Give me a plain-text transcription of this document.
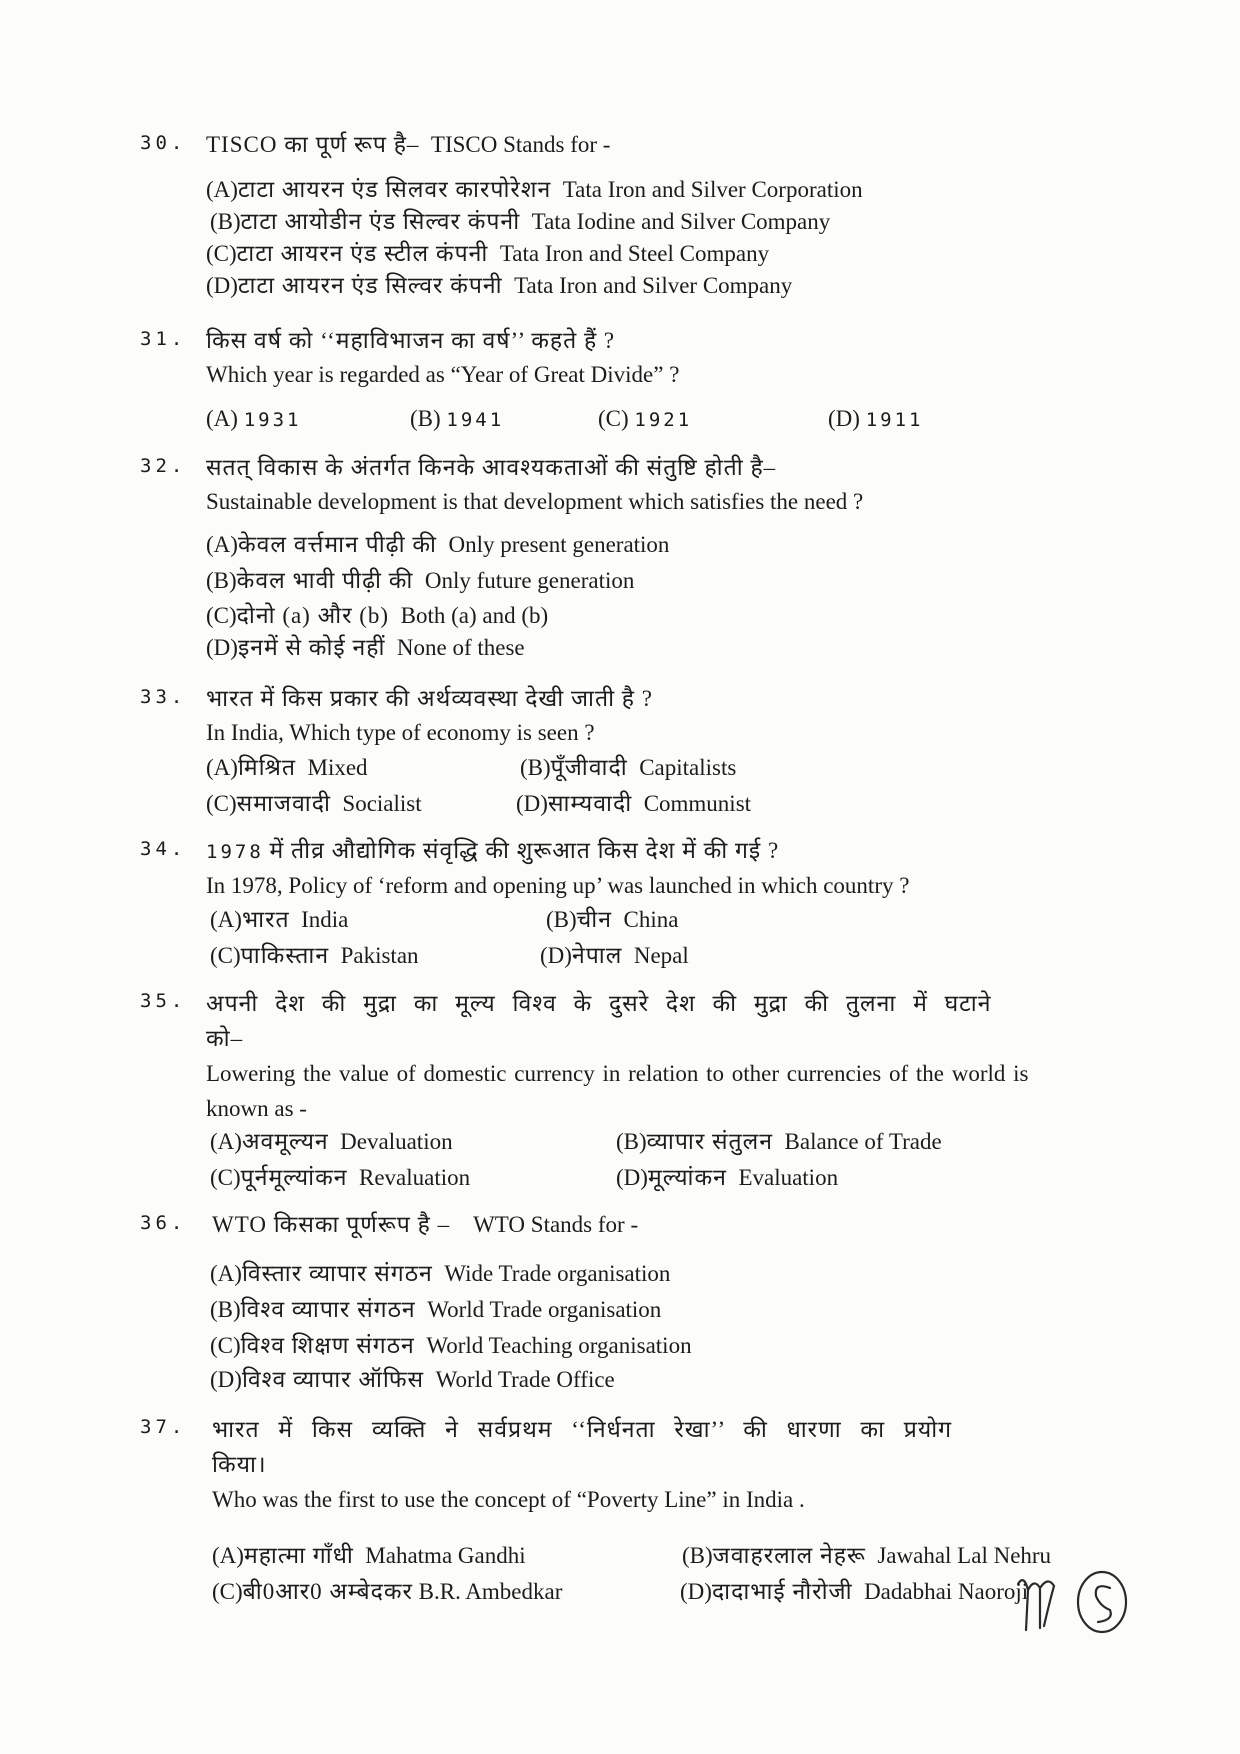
30. TISCO का पूर्ण रूप है– TISCO Stands for -
(A)टाटा आयरन एंड सिलवर कारपोरेशन Tata Iron and Silver Corporation
(B)टाटा आयोडीन एंड सिल्वर कंपनी Tata Iodine and Silver Company
(C)टाटा आयरन एंड स्टील कंपनी Tata Iron and Steel Company
(D)टाटा आयरन एंड सिल्वर कंपनी Tata Iron and Silver Company
31. किस वर्ष को ‘‘महाविभाजन का वर्ष’’ कहते हैं ?
Which year is regarded as “Year of Great Divide” ?
(A) 1931	(B) 1941	(C) 1921	(D) 1911
32. सतत् विकास के अंतर्गत किनके आवश्यकताओं की संतुष्टि होती है–
Sustainable development is that development which satisfies the need ?
(A)केवल वर्त्तमान पीढ़ी की Only present generation
(B)केवल भावी पीढ़ी की Only future generation
(C)दोनो (a) और (b) Both (a) and (b)
(D)इनमें से कोई नहीं None of these
33. भारत में किस प्रकार की अर्थव्यवस्था देखी जाती है ?
In India, Which type of economy is seen ?
(A)मिश्रित Mixed	(B)पूँजीवादी Capitalists
(C)समाजवादी Socialist	(D)साम्यवादी Communist
34. 1978 में तीव्र औद्योगिक संवृद्धि की शुरूआत किस देश में की गई ?
In 1978, Policy of ‘reform and opening up’ was launched in which country ?
(A)भारत India	(B)चीन China
(C)पाकिस्तान Pakistan	(D)नेपाल Nepal
35. अपनी देश की मुद्रा का मूल्य विश्व के दुसरे देश की मुद्रा की तुलना में घटाने
को–
Lowering the value of domestic currency in relation to other currencies of the world is
known as -
(A)अवमूल्यन Devaluation	(B)व्यापार संतुलन Balance of Trade
(C)पूर्नमूल्यांकन Revaluation	(D)मूल्यांकन Evaluation
36. WTO किसका पूर्णरूप है – WTO Stands for -
(A)विस्तार व्यापार संगठन Wide Trade organisation
(B)विश्व व्यापार संगठन World Trade organisation
(C)विश्व शिक्षण संगठन World Teaching organisation
(D)विश्व व्यापार ऑफिस World Trade Office
37. भारत में किस व्यक्ति ने सर्वप्रथम ‘‘निर्धनता रेखा’’ की धारणा का प्रयोग
किया।
Who was the first to use the concept of “Poverty Line” in India .
(A)महात्मा गाँधी Mahatma Gandhi	(B)जवाहरलाल नेहरू Jawahal Lal Nehru
(C)बी0आर0 अम्बेदकर B.R. Ambedkar	(D)दादाभाई नौरोजी Dadabhai Naoroji
